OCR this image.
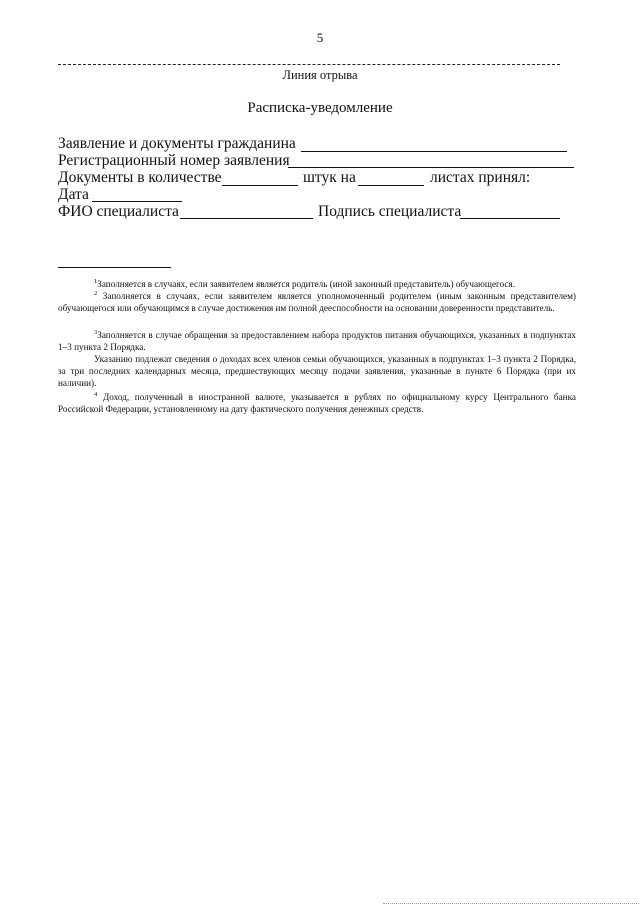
5
Линия отрыва
Расписка-уведомление
Заявление и документы гражданина
Регистрационный номер заявления
Документы в количестве	штук на	листах принял:
Дата
ФИО специалиста	Подпись специалиста
$^1$Заполняется в случаях, если заявителем является родитель (иной законный представитель) обучающегося.
$^2$ Заполняется в случаях, если заявителем является уполномоченный родителем (иным законным представителем) обучающегося или обучающимся в случае достижения им полной дееспособности на основании доверенности представитель.
$^3$Заполняется в случае обращения за предоставлением набора продуктов питания обучающихся, указанных в подпунктах 1–3 пункта 2 Порядка.
Указанию подлежат сведения о доходах всех членов семьи обучающихся, указанных в подпунктах 1–3 пункта 2 Порядка, за три последних календарных месяца, предшествующих месяцу подачи заявления, указанные в пункте 6 Порядка (при их наличии).
$^4$ Доход, полученный в иностранной валюте, указывается в рублях по официальному курсу Центрального банка Российской Федерации, установленному на дату фактического получения денежных средств.
